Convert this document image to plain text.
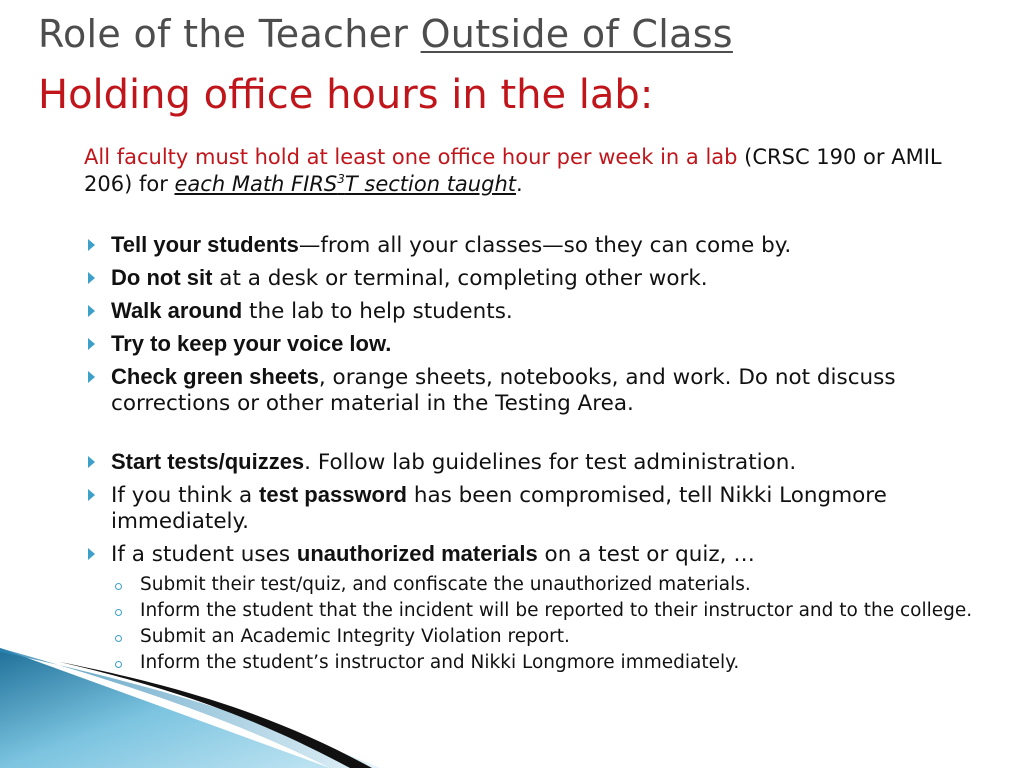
Role of the Teacher Outside of Class
Holding office hours in the lab:
All faculty must hold at least one office hour per week in a lab (CRSC 190 or AMIL 206) for each Math FIRS$^3$T section taught.
Tell your students—from all your classes—so they can come by.
Do not sit at a desk or terminal, completing other work.
Walk around the lab to help students.
Try to keep your voice low.
Check green sheets, orange sheets, notebooks, and work. Do not discuss corrections or other material in the Testing Area.
Start tests/quizzes. Follow lab guidelines for test administration.
If you think a test password has been compromised, tell Nikki Longmore immediately.
If a student uses unauthorized materials on a test or quiz, …
Submit their test/quiz, and confiscate the unauthorized materials.
Inform the student that the incident will be reported to their instructor and to the college.
Submit an Academic Integrity Violation report.
Inform the student’s instructor and Nikki Longmore immediately.
